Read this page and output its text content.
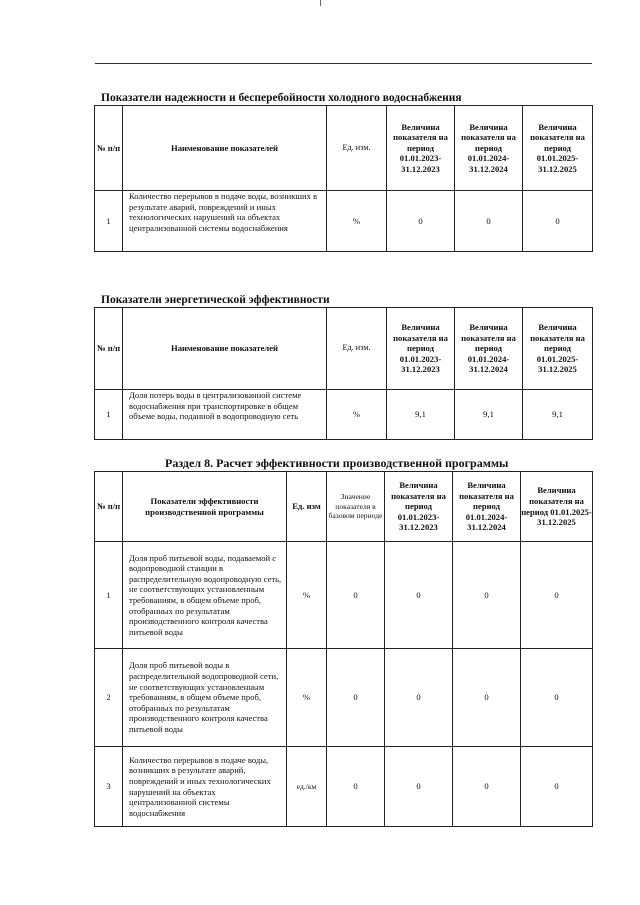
Показатели надежности и бесперебойности холодного водоснабжения
№ п/п	Наименование показателей	Ед. изм.	Величина показателя на период 01.01.2023-31.12.2023	Величина показателя на период 01.01.2024-31.12.2024	Величина показателя на период 01.01.2025-31.12.2025
1	Количество перерывов в подаче воды, возникших в результате аварий, повреждений и иных технологических нарушений на объектах централизованной системы водоснабжения	%	0	0	0
Показатели энергетической эффективности
№ п/п	Наименование показателей	Ед. изм.	Величина показателя на период 01.01.2023-31.12.2023	Величина показателя на период 01.01.2024-31.12.2024	Величина показателя на период 01.01.2025-31.12.2025
1	Доля потерь воды в централизованной системе водоснабжения при транспортировке в общем объеме воды, поданной в водопроводную сеть	%	9,1	9,1	9,1
Раздел 8. Расчет эффективности производственной программы
№ п/п	Показатели эффективности производственной программы	Ед. изм	Значение показателя в базовом периоде	Величина показателя на период 01.01.2023-31.12.2023	Величина показателя на период 01.01.2024-31.12.2024	Величина показателя на период 01.01.2025-31.12.2025
1	Доля проб питьевой воды, подаваемой с водопроводной станции в распределительную водопроводную сеть, не соответствующих установленным требованиям, в общем объеме проб, отобранных по результатам производственного контроля качества питьевой воды	%	0	0	0	0
2	Доля проб питьевой воды в распределительной водопроводной сети, не соответствующих установленным требованиям, в общем объеме проб, отобранных по результатам производственного контроля качества питьевой воды	%	0	0	0	0
3	Количество перерывов в подаче воды, возникших в результате аварий, повреждений и иных технологических нарушений на объектах централизованной системы водоснабжения	ед./км	0	0	0	0
